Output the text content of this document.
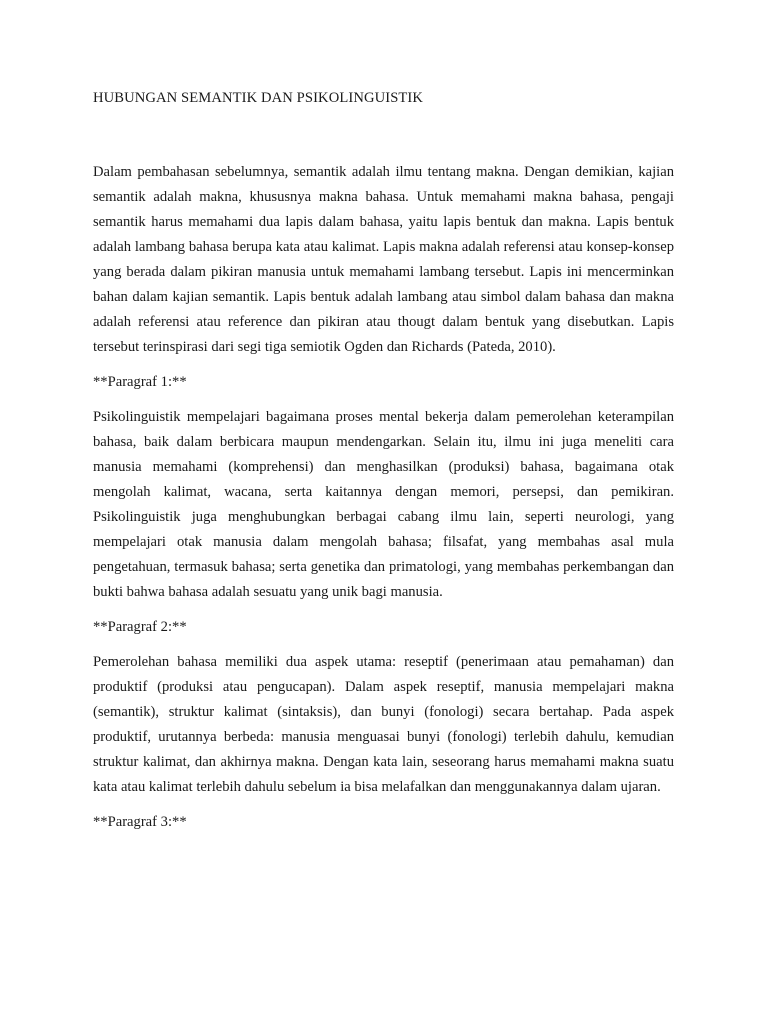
HUBUNGAN SEMANTIK DAN PSIKOLINGUISTIK

Dalam pembahasan sebelumnya, semantik adalah ilmu tentang makna. Dengan demikian, kajian semantik adalah makna, khususnya makna bahasa. Untuk memahami makna bahasa, pengaji semantik harus memahami dua lapis dalam bahasa, yaitu lapis bentuk dan makna. Lapis bentuk adalah lambang bahasa berupa kata atau kalimat. Lapis makna adalah referensi atau konsep-konsep yang berada dalam pikiran manusia untuk memahami lambang tersebut. Lapis ini mencerminkan bahan dalam kajian semantik. Lapis bentuk adalah lambang atau simbol dalam bahasa dan makna adalah referensi atau reference dan pikiran atau thougt dalam bentuk yang disebutkan. Lapis tersebut terinspirasi dari segi tiga semiotik Ogden dan Richards (Pateda, 2010).

**Paragraf 1:**

Psikolinguistik mempelajari bagaimana proses mental bekerja dalam pemerolehan keterampilan bahasa, baik dalam berbicara maupun mendengarkan. Selain itu, ilmu ini juga meneliti cara manusia memahami (komprehensi) dan menghasilkan (produksi) bahasa, bagaimana otak mengolah kalimat, wacana, serta kaitannya dengan memori, persepsi, dan pemikiran. Psikolinguistik juga menghubungkan berbagai cabang ilmu lain, seperti neurologi, yang mempelajari otak manusia dalam mengolah bahasa; filsafat, yang membahas asal mula pengetahuan, termasuk bahasa; serta genetika dan primatologi, yang membahas perkembangan dan bukti bahwa bahasa adalah sesuatu yang unik bagi manusia.

**Paragraf 2:**

Pemerolehan bahasa memiliki dua aspek utama: reseptif (penerimaan atau pemahaman) dan produktif (produksi atau pengucapan). Dalam aspek reseptif, manusia mempelajari makna (semantik), struktur kalimat (sintaksis), dan bunyi (fonologi) secara bertahap. Pada aspek produktif, urutannya berbeda: manusia menguasai bunyi (fonologi) terlebih dahulu, kemudian struktur kalimat, dan akhirnya makna. Dengan kata lain, seseorang harus memahami makna suatu kata atau kalimat terlebih dahulu sebelum ia bisa melafalkan dan menggunakannya dalam ujaran.

**Paragraf 3:**
